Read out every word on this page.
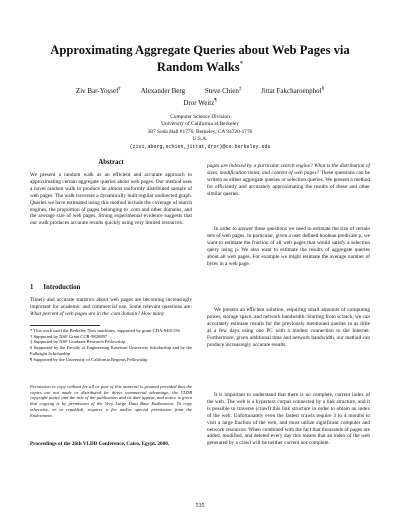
Approximating Aggregate Queries about Web Pages via Random Walks*
Ziv Bar-Yossef†	Alexander Berg	Steve Chien‡	Jittat Fakcharoenphol§
Dror Weitz¶
Computer Science Division
University of California at Berkeley
387 Soda Hall #1776, Berkeley, CA 94720-1776
U.S.A.
{zivi,aberg,schien,jittat,dror}@cs.berkeley.edu
Abstract

We present a random walk as an efficient and accurate approach to approximating certain aggregate queries about web pages. Our method uses a novel random walk to produce an almost uniformly distributed sample of web pages. The walk traverses a dynamically built regular undirected graph. Queries we have estimated using this method include the coverage of search engines, the proportion of pages belonging to .com and other domains, and the average size of web pages. Strong experimental evidence suggests that our walk produces accurate results quickly using very limited resources.

1 Introduction
Timely and accurate statistics about web pages are becoming increasingly important for academic and commercial use. Some relevant questions are: What percent of web pages are in the .com domain? How many
* This work used the Berkeley Now machines, supported by grant CDA-9401156
† Supported by NSF Grant CCR-9820897
‡ Supported by NSF Graduate Research Fellowship
§ Supported by the Faculty of Engineering Kasetsart University Scholarship and by the Fulbright Scholarship
¶ Supported by the University of California Regents Fellowship
Permission to copy without fee all or part of this material is granted provided that the copies are not made or distributed for direct commercial advantage, the VLDB copyright notice and the title of the publication and its date appear, and notice is given that copying is by permission of the Very Large Data Base Endowment. To copy otherwise, or to republish, requires a fee and/or special permission from the Endowment.
Proceedings of the 26th VLDB Conference, Cairo, Egypt, 2000.
pages are indexed by a particular search engine? What is the distribution of sizes, modification times, and content of web pages? These questions can be written as either aggregate queries or selection queries. We present a method for efficiently and accurately approximating the results of these and other similar queries.

In order to answer these questions we need to estimate the size of certain sets of web pages. In particular, given a user defined boolean predicate p, we want to estimate the fraction of all web pages that would satisfy a selection query using p. We also want to estimate the results of aggregate queries about all web pages. For example we might estimate the average number of bytes in a web page.

We present an efficient solution, requiring small amounts of computing power, storage space, and network bandwidth. Starting from scratch, we can accurately estimate results for the previously mentioned queries in as little as a few days using one PC with a modest connection to the Internet. Furthermore, given additional time and network bandwidth, our method can produce increasingly accurate results.

It is important to understand that there is no complete, current index of the web. The web is a hypertext corpus connected by a link structure, and it is possible to traverse (crawl) this link structure in order to obtain an index of the web. Unfortunately even the fastest crawls require 3 to 4 months to visit a large fraction of the web, and must utilize significant computer and network resources. When combined with the fact that thousands of pages are added, modified, and deleted every day this means that an index of the web generated by a crawl will be neither current nor complete.

535
